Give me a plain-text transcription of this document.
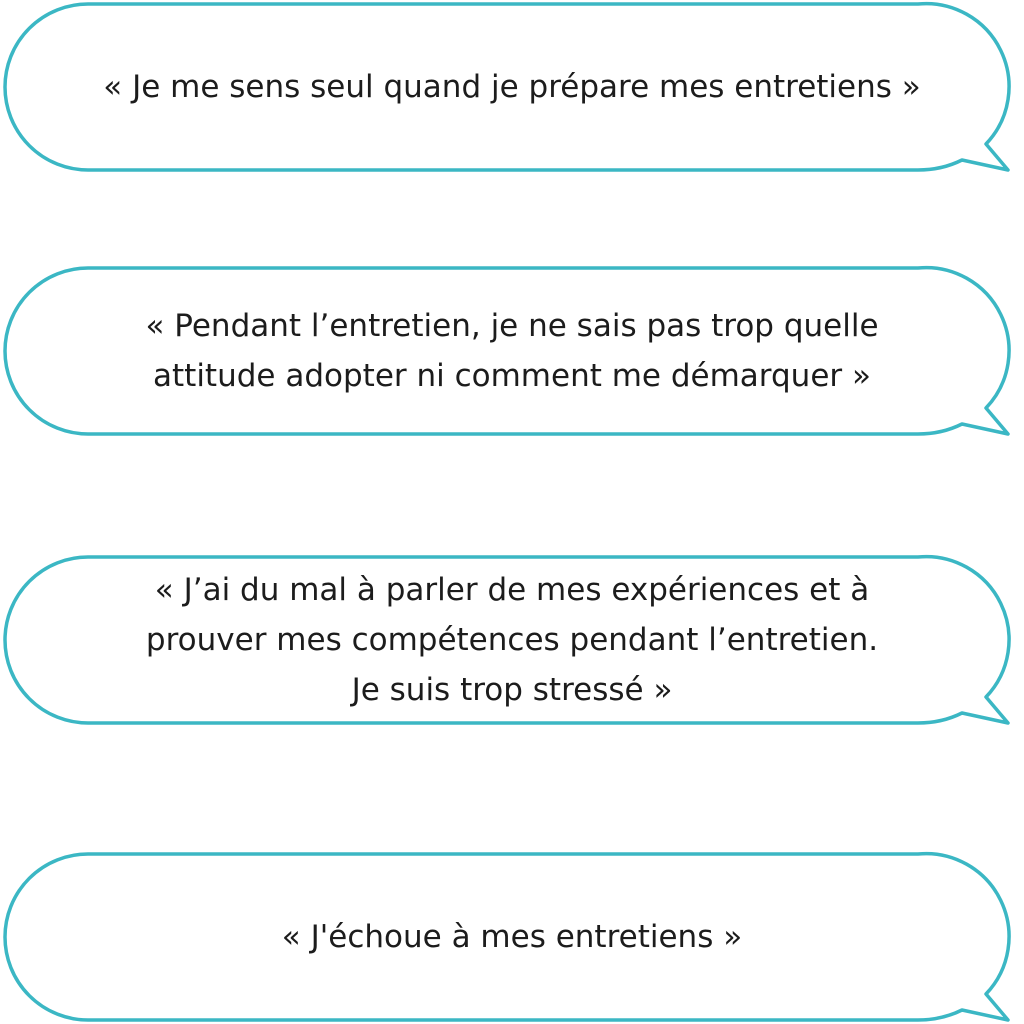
« Je me sens seul quand je prépare mes entretiens »
« Pendant l’entretien, je ne sais pas trop quelle
attitude adopter ni comment me démarquer »
« J’ai du mal à parler de mes expériences et à
prouver mes compétences pendant l’entretien.
Je suis trop stressé »
« J'échoue à mes entretiens »
